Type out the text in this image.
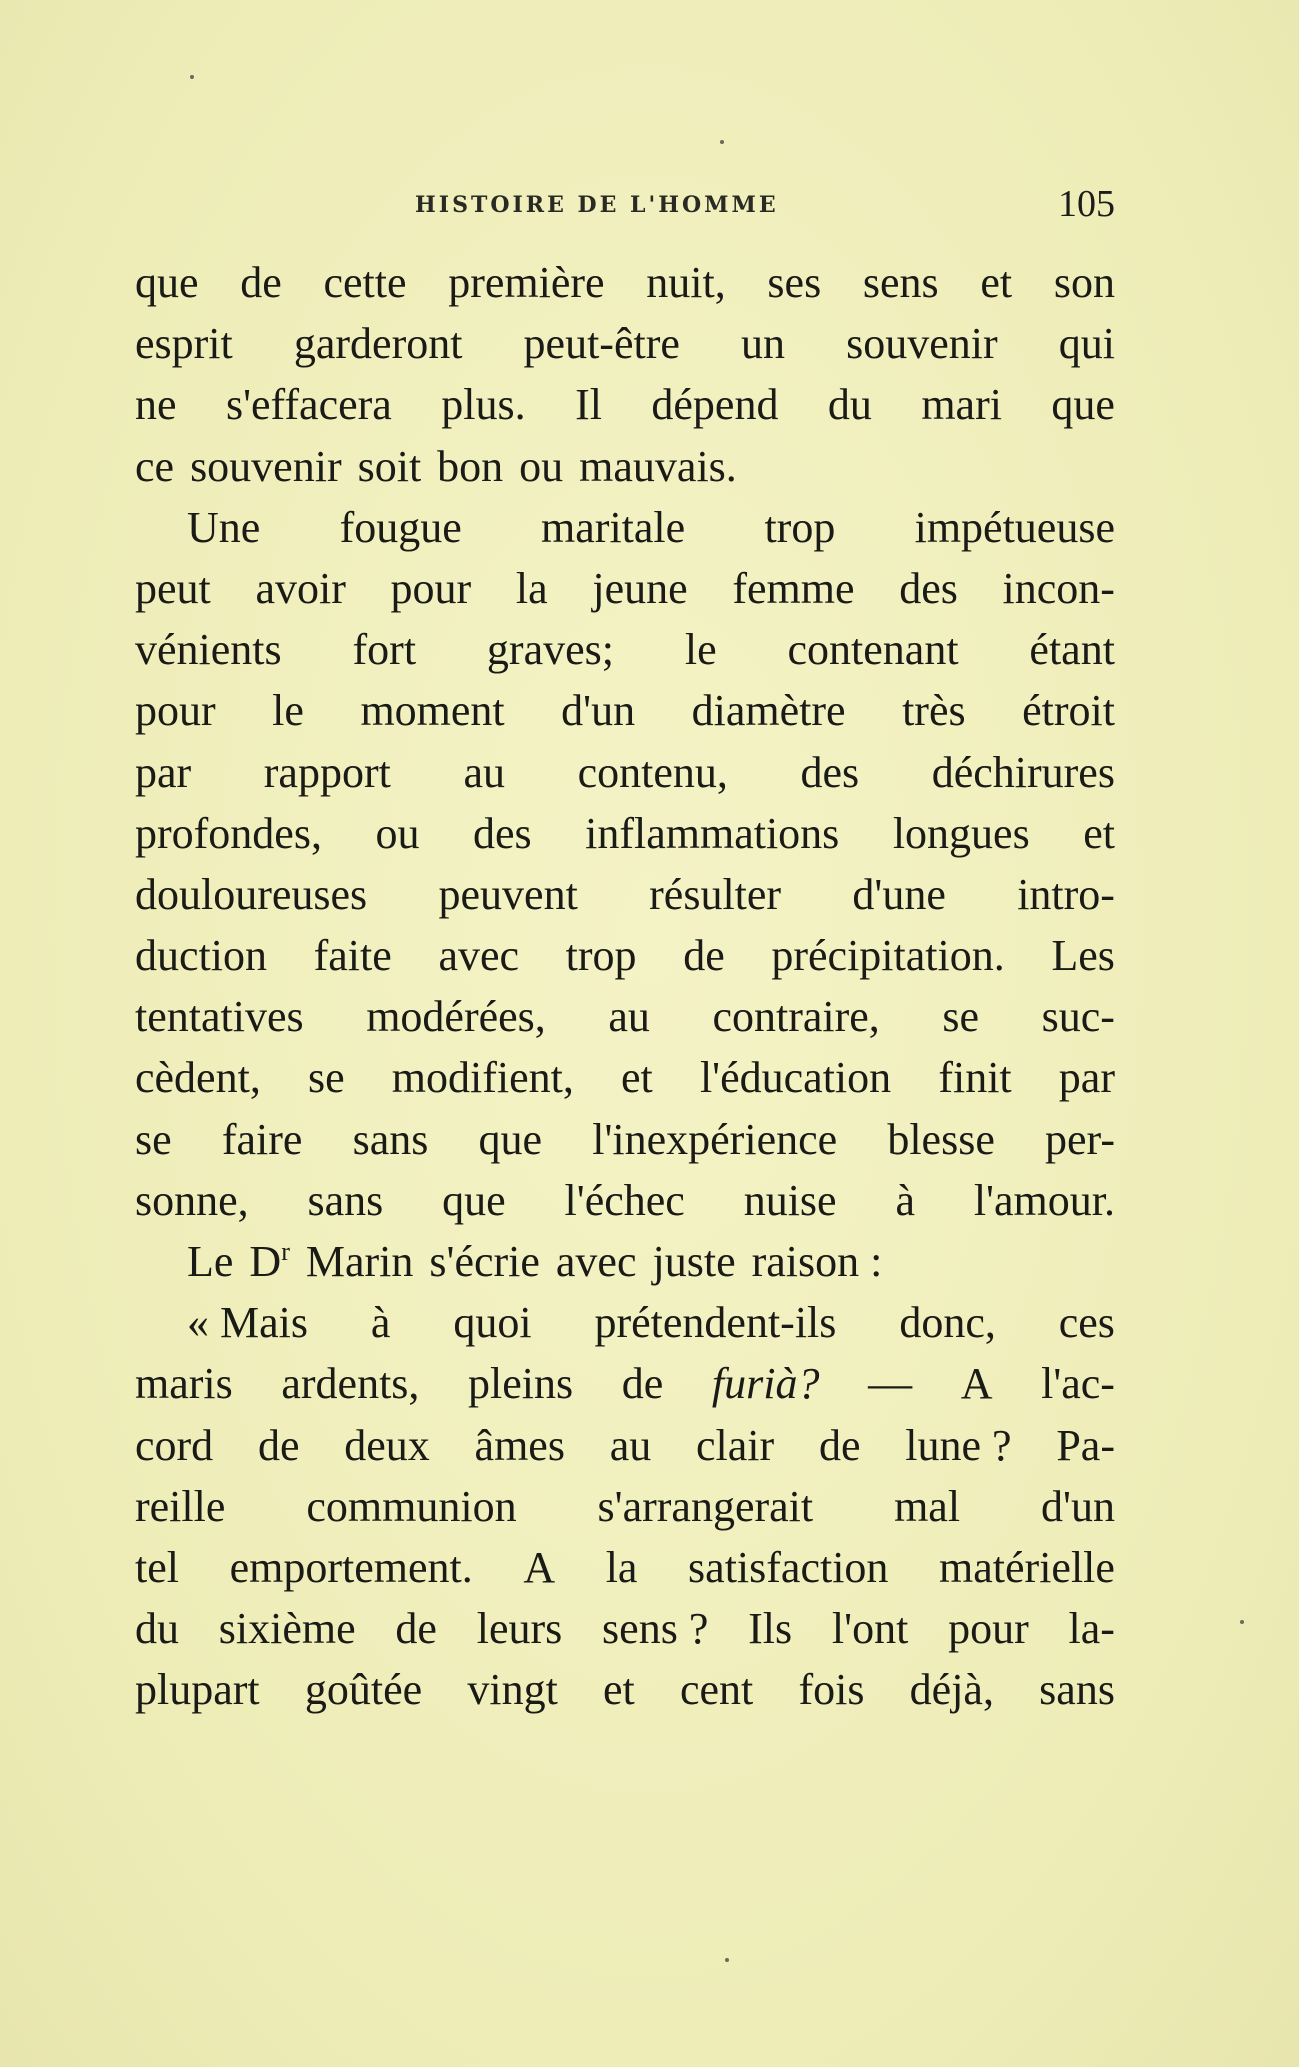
HISTOIRE DE L'HOMME	105
que de cette première nuit, ses sens et son
esprit garderont peut-être un souvenir qui
ne s'effacera plus. Il dépend du mari que
ce souvenir soit bon ou mauvais.
Une fougue maritale trop impétueuse
peut avoir pour la jeune femme des incon-
vénients fort graves; le contenant étant
pour le moment d'un diamètre très étroit
par rapport au contenu, des déchirures
profondes, ou des inflammations longues et
douloureuses peuvent résulter d'une intro-
duction faite avec trop de précipitation. Les
tentatives modérées, au contraire, se suc-
cèdent, se modifient, et l'éducation finit par
se faire sans que l'inexpérience blesse per-
sonne, sans que l'échec nuise à l'amour.
Le $D^r$ Marin s'écrie avec juste raison :
« Mais à quoi prétendent-ils donc, ces
maris ardents, pleins de furià? — A l'ac-
cord de deux âmes au clair de lune ? Pa-
reille communion s'arrangerait mal d'un
tel emportement. A la satisfaction matérielle
du sixième de leurs sens ? Ils l'ont pour la-
plupart goûtée vingt et cent fois déjà, sans
